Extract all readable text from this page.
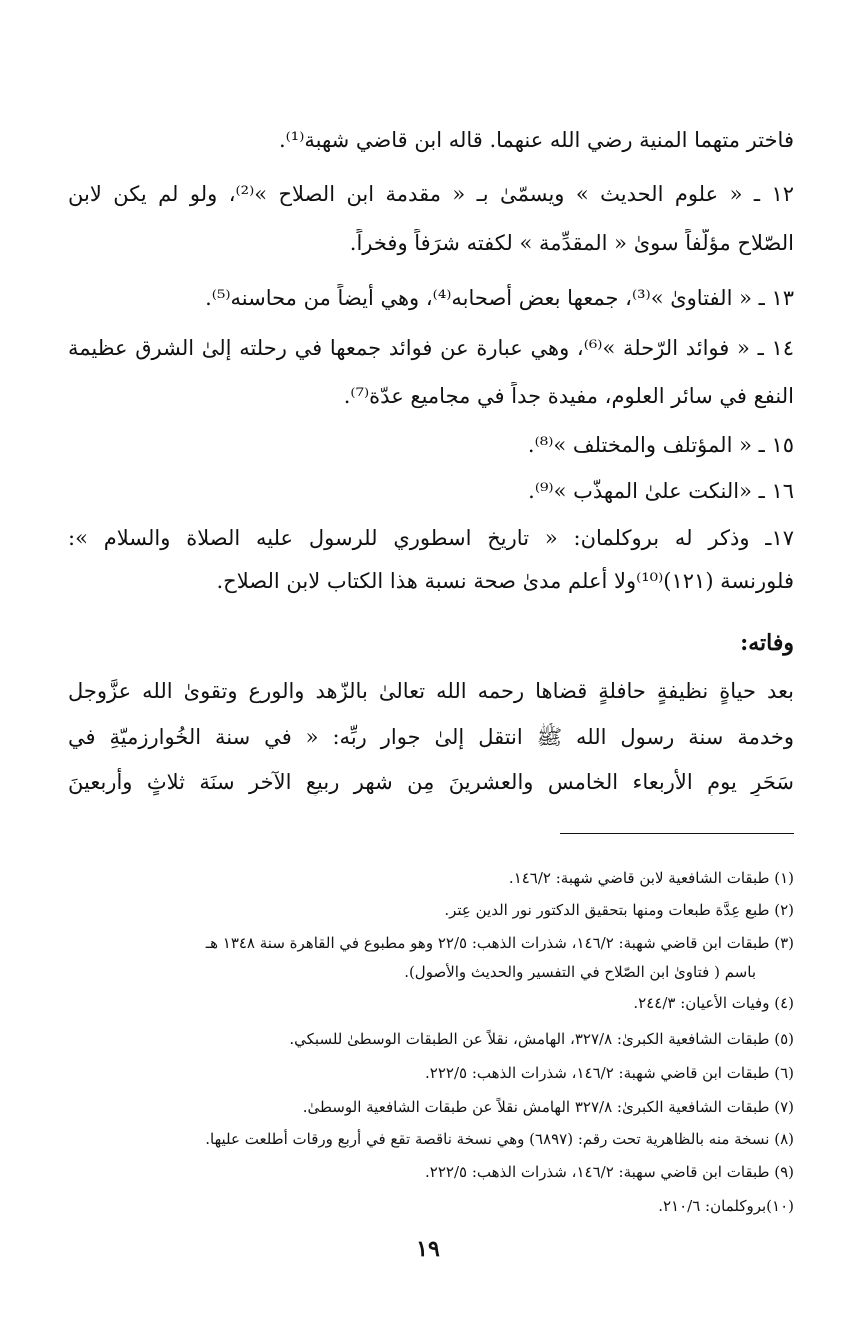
فاختر متهما المنية رضي الله عنهما. قاله ابن قاضي شهبة⁽¹⁾.
١٢ ـ « علوم الحديث » ويسمّىٰ بـ « مقدمة ابن الصلاح »⁽²⁾، ولو لم يكن لابن
الصّلاح مؤلّفاً سوىٰ « المقدِّمة » لكفته شرَفاً وفخراً.
١٣ ـ « الفتاوىٰ »⁽³⁾، جمعها بعض أصحابه⁽⁴⁾، وهي أيضاً من محاسنه⁽⁵⁾.
١٤ ـ « فوائد الرّحلة »⁽⁶⁾، وهي عبارة عن فوائد جمعها في رحلته إلىٰ الشرق عظيمة
النفع في سائر العلوم، مفيدة جداً في مجاميع عدّة⁽⁷⁾.
١٥ ـ « المؤتلف والمختلف »⁽⁸⁾.
١٦ ـ «النكت علىٰ المهذّب »⁽⁹⁾.
١٧ـ وذكر له بروكلمان: « تاريخ اسطوري للرسول عليه الصلاة والسلام »:
فلورنسة (١٢١)⁽¹⁰⁾ولا أعلم مدىٰ صحة نسبة هذا الكتاب لابن الصلاح.
وفاته:
بعد حياةٍ نظيفةٍ حافلةٍ قضاها رحمه الله تعالىٰ بالزّهد والورع وتقوىٰ الله عزَّوجل
وخدمة سنة رسول الله ﷺ انتقل إلىٰ جوار ربِّه: « في سنة الخُوارزميّةِ في
سَحَرِ يومِ الأربعاء الخامس والعشرينَ مِن شهر ربيعِ الآخر سنَة ثلاثٍ وأربعينَ
(١) طبقات الشافعية لابن قاضي شهبة: ١٤٦/٢.
(٢) طبع عِدَّة طبعات ومنها بتحقيق الدكتور نور الدين عِتر.
(٣) طبقات ابن قاضي شهبة: ١٤٦/٢، شذرات الذهب: ٢٢/٥ وهو مطبوع في القاهرة سنة ١٣٤٨ هـ
باسم ( فتاوىٰ ابن الصّلاح في التفسير والحديث والأصول).
(٤) وفيات الأعيان: ٢٤٤/٣.
(٥) طبقات الشافعية الكبرىٰ: ٣٢٧/٨، الهامش، نقلاً عن الطبقات الوسطىٰ للسبكي.
(٦) طبقات ابن قاضي شهبة: ١٤٦/٢، شذرات الذهب: ٢٢٢/٥.
(٧) طبقات الشافعية الكبرىٰ: ٣٢٧/٨ الهامش نقلاً عن طبقات الشافعية الوسطىٰ.
(٨) نسخة منه بالظاهرية تحت رقم: (٦٨٩٧) وهي نسخة ناقصة تقع في أربع ورقات أطلعت عليها.
(٩) طبقات ابن قاضي سهبة: ١٤٦/٢، شذرات الذهب: ٢٢٢/٥.
(١٠)بروكلمان: ٢١٠/٦.
١٩
